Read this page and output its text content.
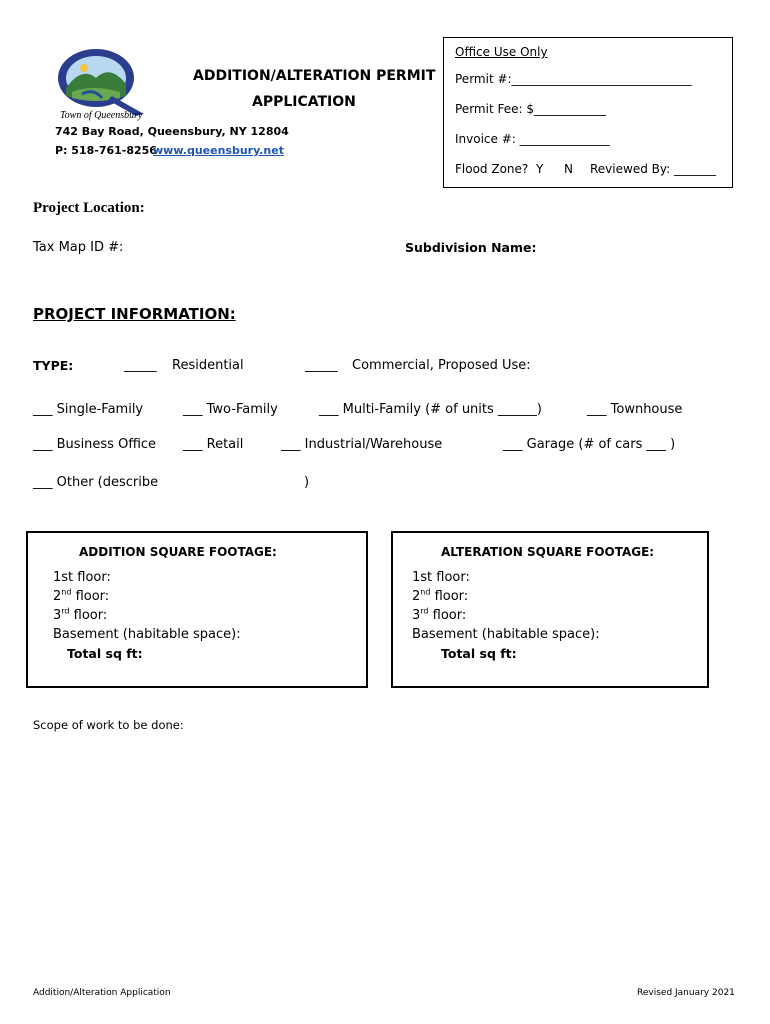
Town of Queensbury
ADDITION/ALTERATION PERMIT
APPLICATION
742 Bay Road, Queensbury, NY 12804
P: 518-761-8256
www.queensbury.net
Office Use Only
Permit #:______________________________
Permit Fee: $____________
Invoice #: _______________
Flood Zone? Y N Reviewed By: _______
Project Location:
Tax Map ID #:	Subdivision Name:
PROJECT INFORMATION:
TYPE:	_____ Residential	_____ Commercial, Proposed Use:
___ Single-Family	___ Two-Family	___ Multi-Family (# of units ______)	___ Townhouse
___ Business Office ___ Retail	___ Industrial/Warehouse	___ Garage (# of cars ___ )
___ Other (describe	)
ADDITION SQUARE FOOTAGE:
1st floor:
2nd floor:
3rd floor:
Basement (habitable space):
Total sq ft:
ALTERATION SQUARE FOOTAGE:
1st floor:
2nd floor:
3rd floor:
Basement (habitable space):
Total sq ft:
Scope of work to be done:
Addition/Alteration Application	Revised January 2021
